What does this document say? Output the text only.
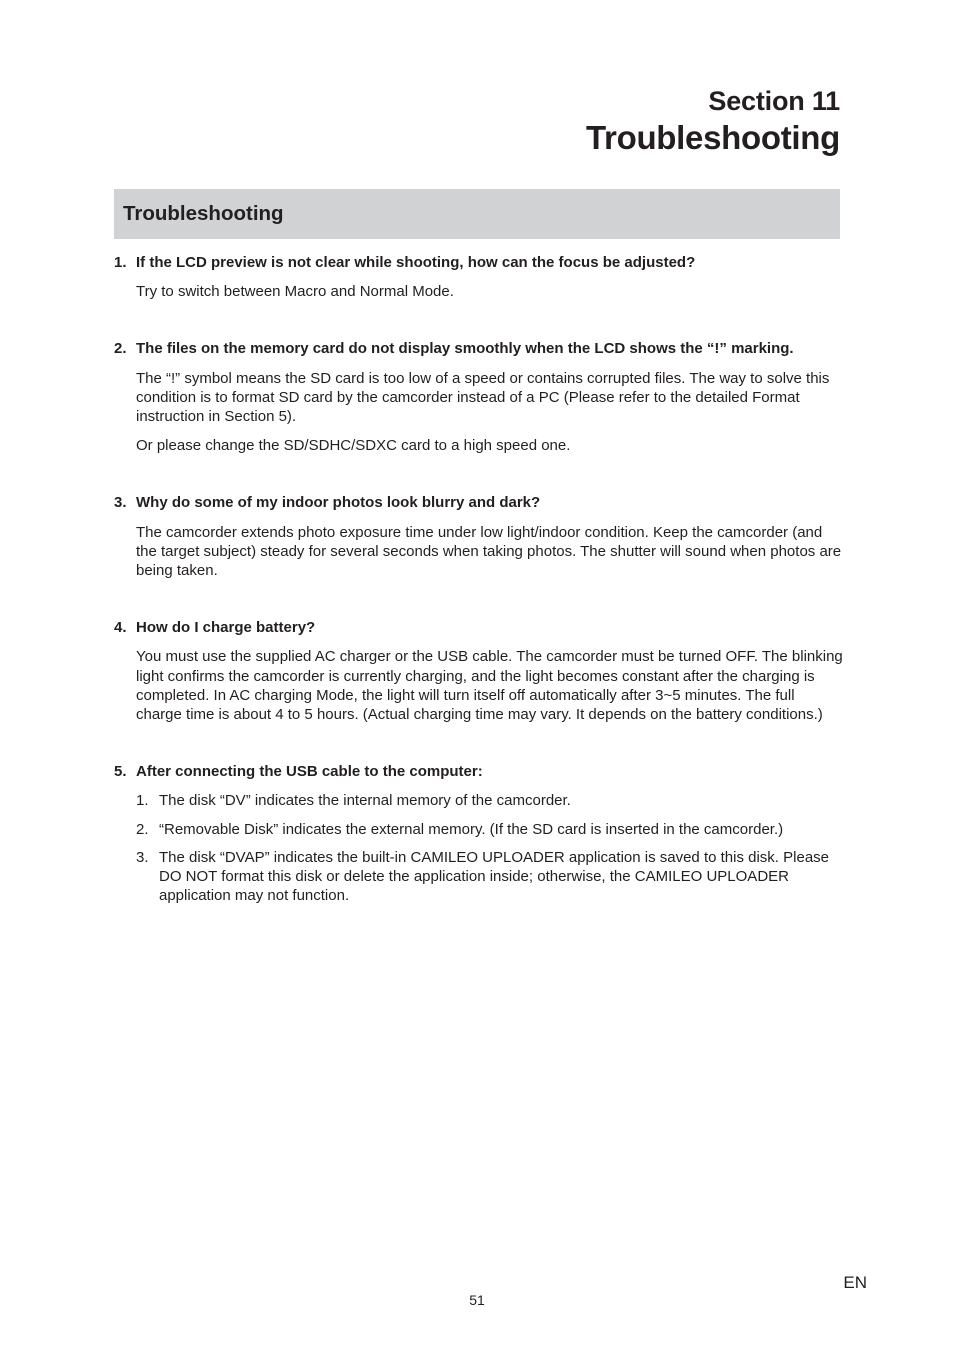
Section 11
Troubleshooting
Troubleshooting
1. If the LCD preview is not clear while shooting, how can the focus be adjusted?

Try to switch between Macro and Normal Mode.

2. The files on the memory card do not display smoothly when the LCD shows the “!” marking.

The “!” symbol means the SD card is too low of a speed or contains corrupted files. The way to solve this condition is to format SD card by the camcorder instead of a PC (Please refer to the detailed Format instruction in Section 5).

Or please change the SD/SDHC/SDXC card to a high speed one.

3. Why do some of my indoor photos look blurry and dark?

The camcorder extends photo exposure time under low light/indoor condition. Keep the camcorder (and the target subject) steady for several seconds when taking photos. The shutter will sound when photos are being taken.

4. How do I charge battery?

You must use the supplied AC charger or the USB cable. The camcorder must be turned OFF. The blinking light confirms the camcorder is currently charging, and the light becomes constant after the charging is completed. In AC charging Mode, the light will turn itself off automatically after 3~5 minutes. The full charge time is about 4 to 5 hours. (Actual charging time may vary. It depends on the battery conditions.)

5. After connecting the USB cable to the computer:
1. The disk “DV” indicates the internal memory of the camcorder.
2. “Removable Disk” indicates the external memory. (If the SD card is inserted in the camcorder.)
3. The disk “DVAP” indicates the built-in CAMILEO UPLOADER application is saved to this disk. Please DO NOT format this disk or delete the application inside; otherwise, the CAMILEO UPLOADER application may not function.
EN
51
